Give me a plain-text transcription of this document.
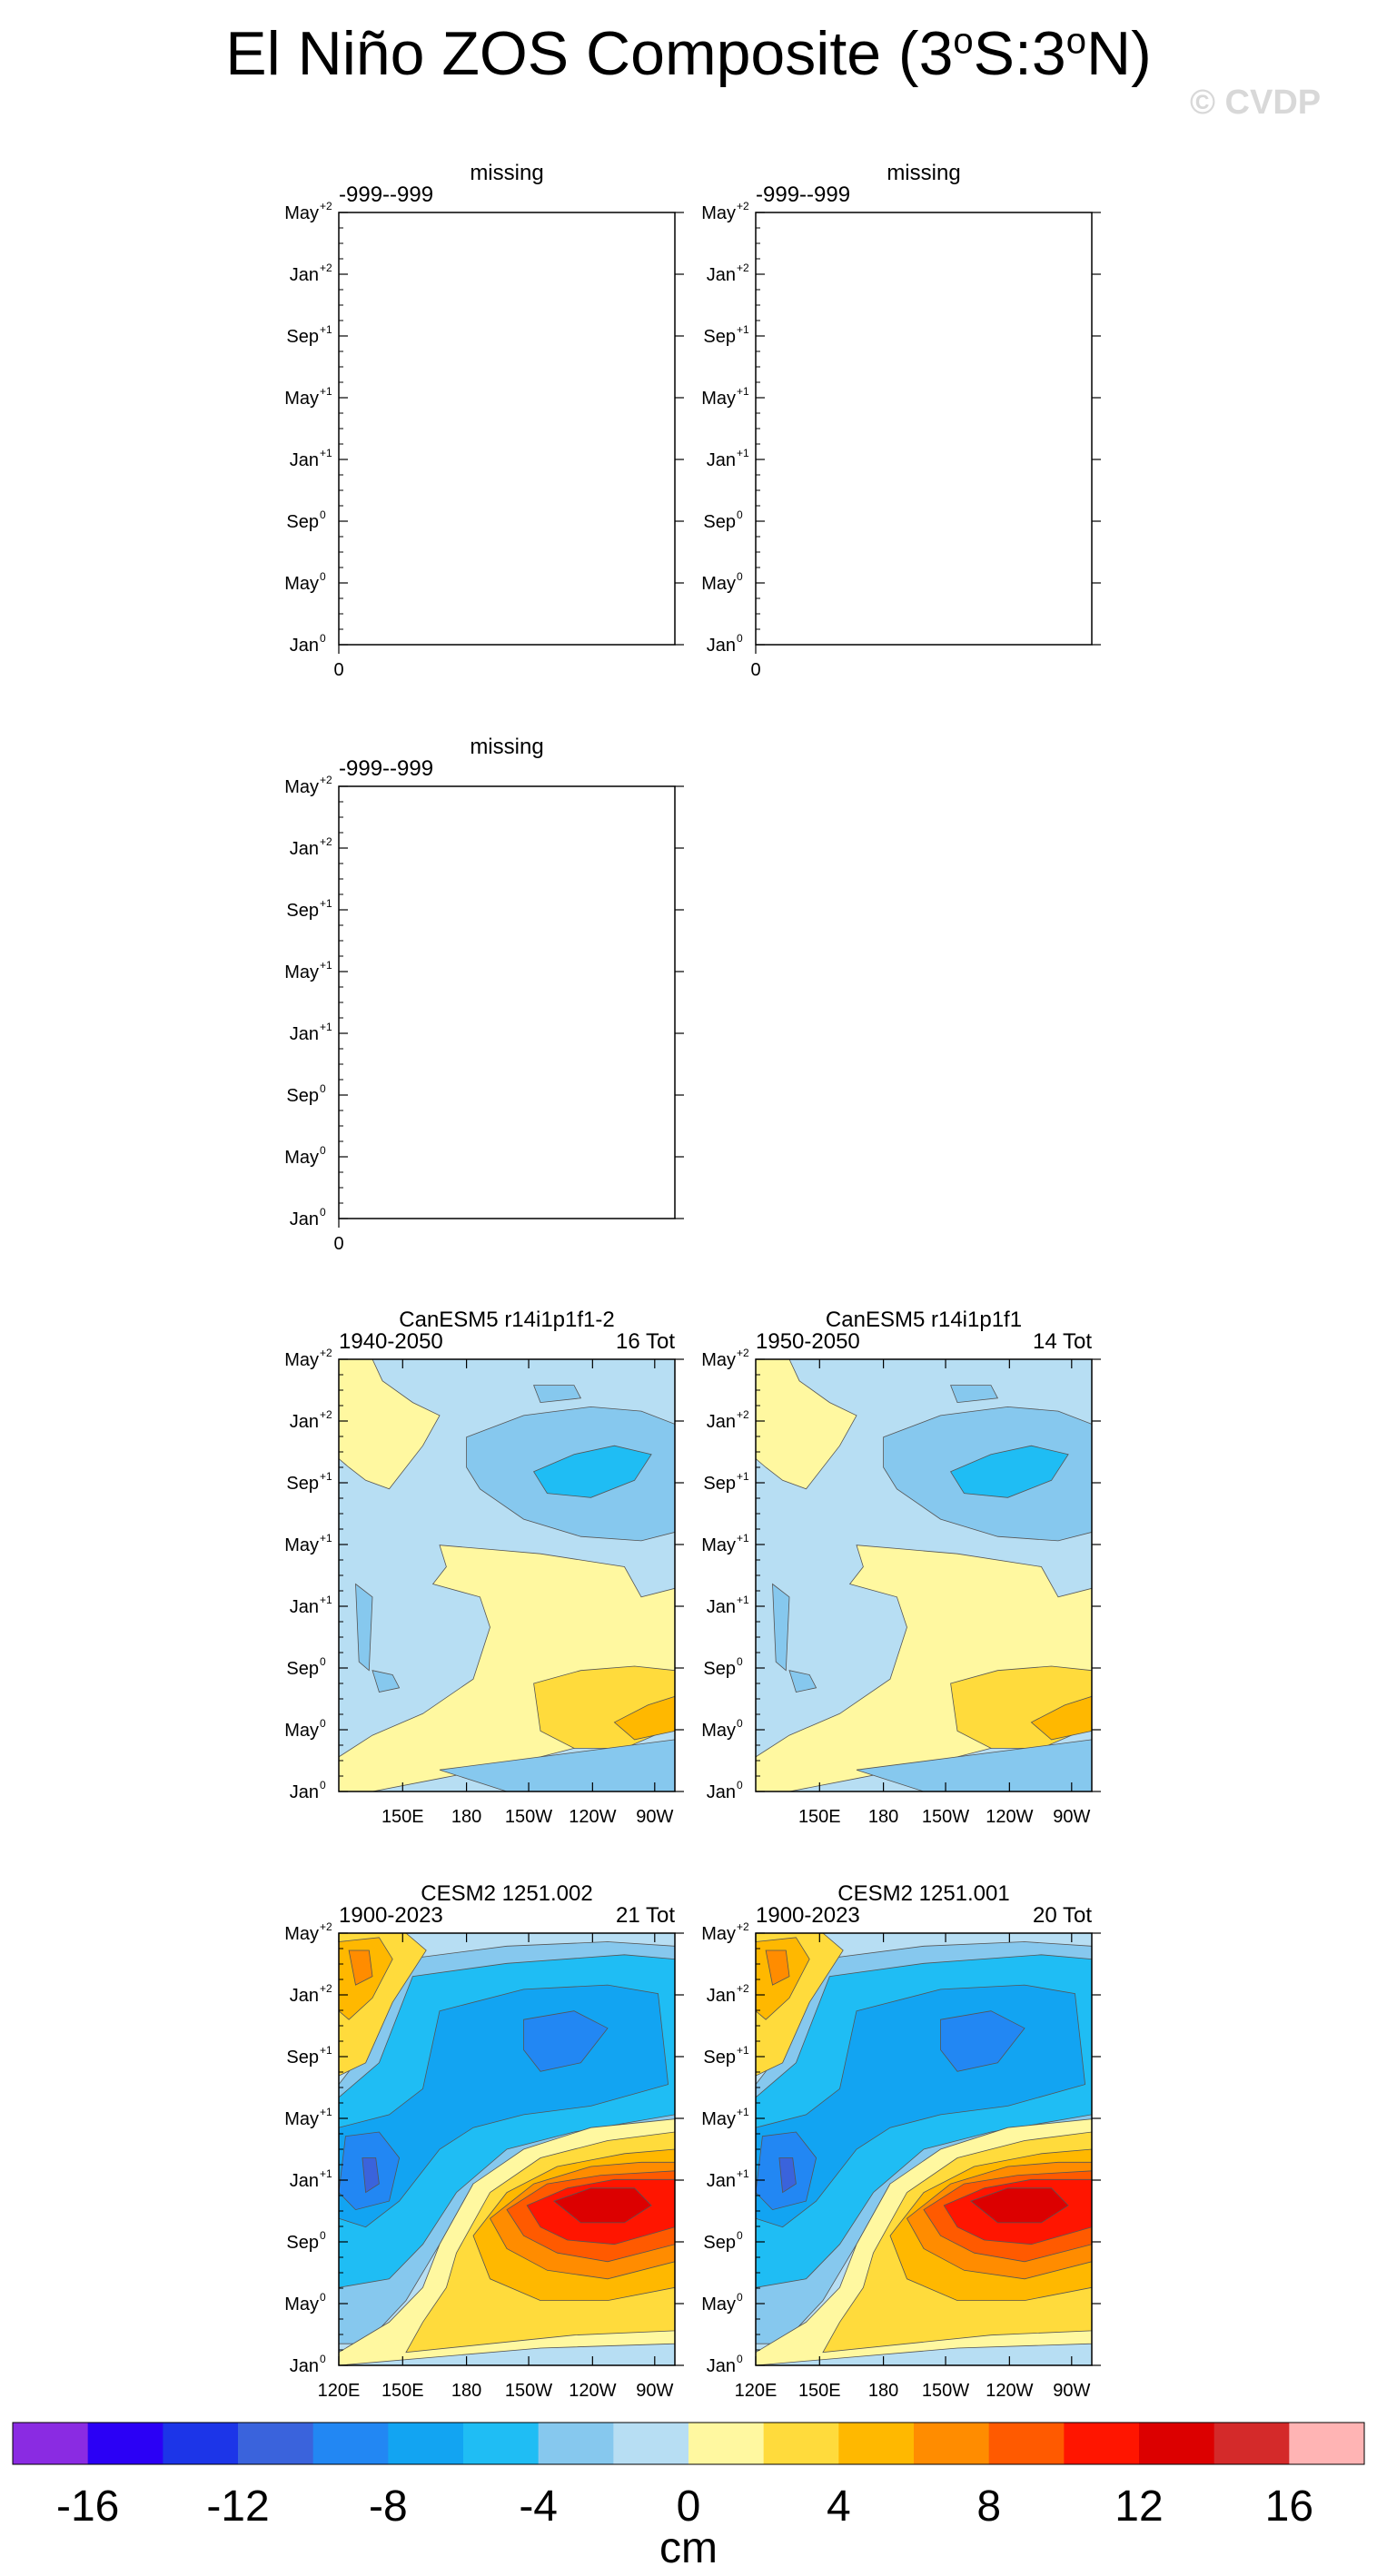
El Niño ZOS Composite (3$^o$S:3$^o$N)
© CVDP
missing
-999--999
Jan 0
May 0
Sep 0
Jan +1
May +1
Sep +1
Jan +2
May +2
0
missing
-999--999
Jan 0
May 0
Sep 0
Jan +1
May +1
Sep +1
Jan +2
May +2
0
missing
-999--999
Jan 0
May 0
Sep 0
Jan +1
May +1
Sep +1
Jan +2
May +2
0
CanESM5 r14i1p1f1-2
1940-2050	16 Tot
Jan 0
May 0
Sep 0
Jan +1
May +1
Sep +1
Jan +2
May +2
150E 180 150W 120W 90W
CanESM5 r14i1p1f1
1950-2050	14 Tot
Jan 0
May 0
Sep 0
Jan +1
May +1
Sep +1
Jan +2
May +2
150E 180 150W 120W 90W
CESM2 1251.002
1900-2023	21 Tot
Jan 0
May 0
Sep 0
Jan +1
May +1
Sep +1
Jan +2
May +2
120E 150E 180 150W 120W 90W
CESM2 1251.001
1900-2023	20 Tot
Jan 0
May 0
Sep 0
Jan +1
May +1
Sep +1
Jan +2
May +2
120E 150E 180 150W 120W 90W
-16 -12 -8	-4	0	4	8	12 16
cm
